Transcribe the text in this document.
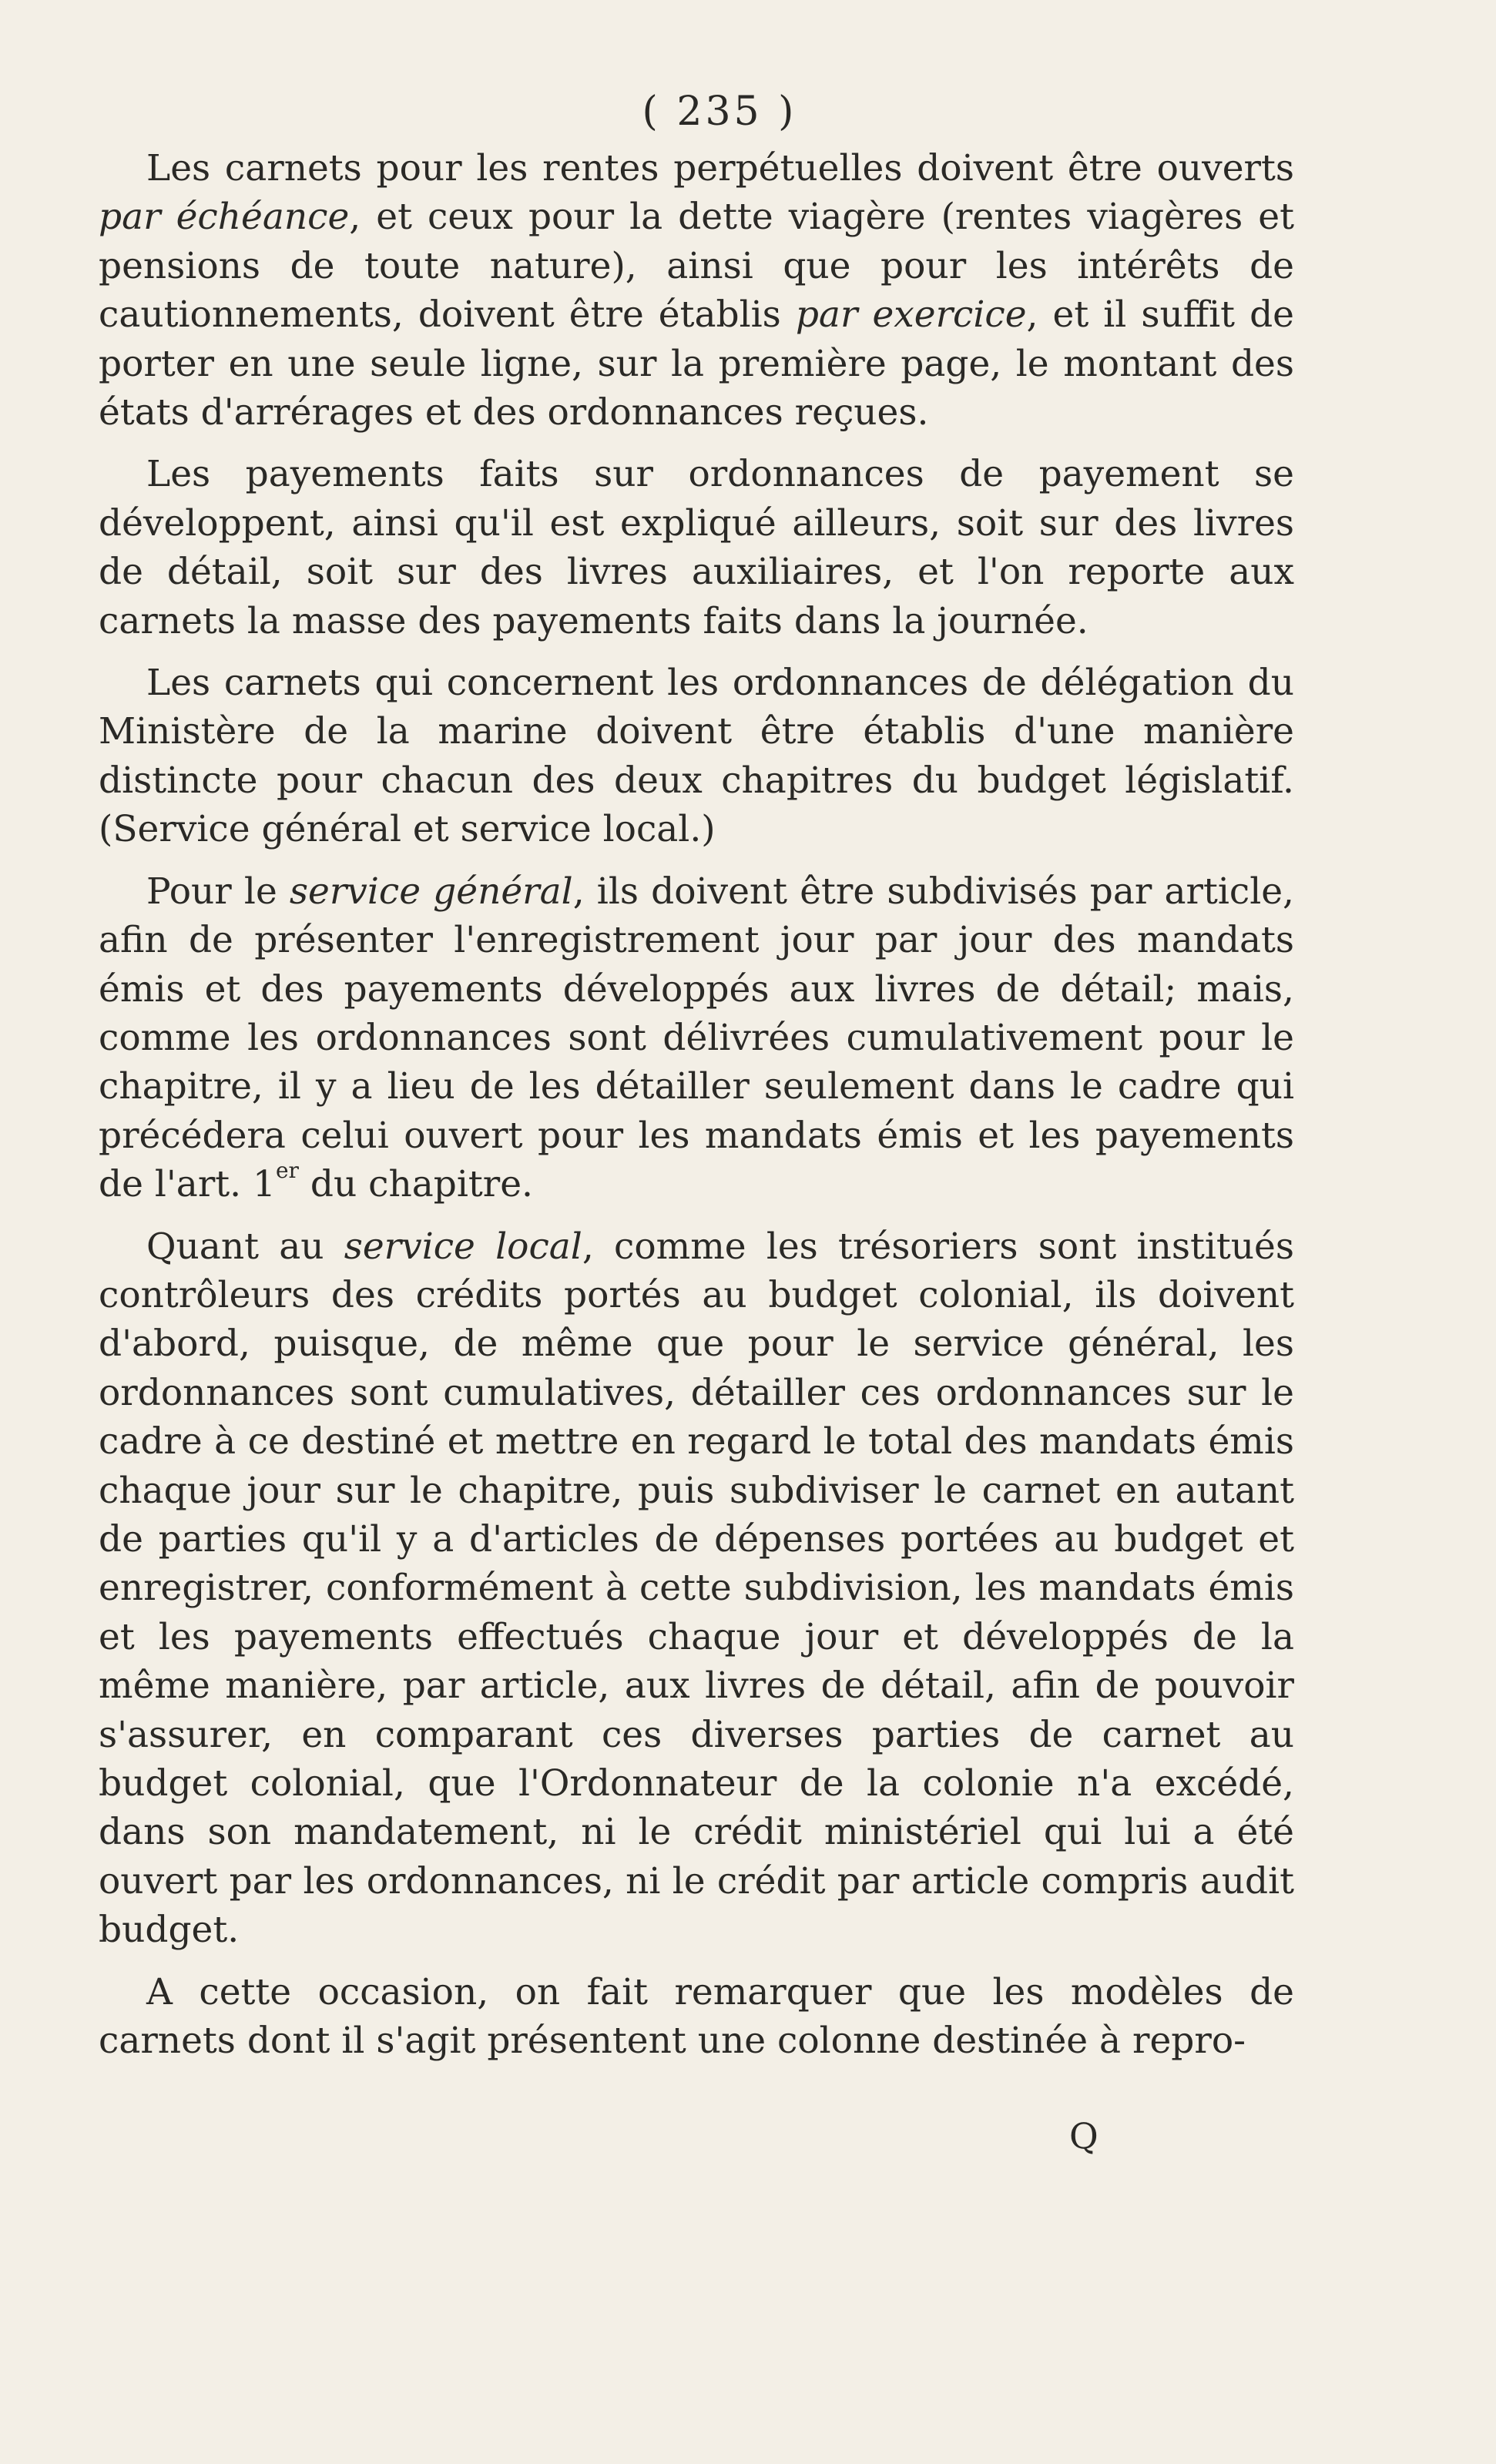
( 235 )

Les carnets pour les rentes perpétuelles doivent être ouverts par échéance, et ceux pour la dette viagère (rentes viagères et pensions de toute nature), ainsi que pour les intérêts de cautionnements, doivent être établis par exercice, et il suffit de porter en une seule ligne, sur la première page, le montant des états d'arrérages et des ordonnances reçues.

Les payements faits sur ordonnances de payement se développent, ainsi qu'il est expliqué ailleurs, soit sur des livres de détail, soit sur des livres auxiliaires, et l'on reporte aux carnets la masse des payements faits dans la journée.

Les carnets qui concernent les ordonnances de délégation du Ministère de la marine doivent être établis d'une manière distincte pour chacun des deux chapitres du budget législatif. (Service général et service local.)

Pour le service général, ils doivent être subdivisés par article, afin de présenter l'enregistrement jour par jour des mandats émis et des payements développés aux livres de détail; mais, comme les ordonnances sont délivrées cumulativement pour le chapitre, il y a lieu de les détailler seulement dans le cadre qui précédera celui ouvert pour les mandats émis et les payements de l'art. 1er du chapitre.

Quant au service local, comme les trésoriers sont institués contrôleurs des crédits portés au budget colonial, ils doivent d'abord, puisque, de même que pour le service général, les ordonnances sont cumulatives, détailler ces ordonnances sur le cadre à ce destiné et mettre en regard le total des mandats émis chaque jour sur le chapitre, puis subdiviser le carnet en autant de parties qu'il y a d'articles de dépenses portées au budget et enregistrer, conformément à cette subdivision, les mandats émis et les payements effectués chaque jour et développés de la même manière, par article, aux livres de détail, afin de pouvoir s'assurer, en comparant ces diverses parties de carnet au budget colonial, que l'Ordonnateur de la colonie n'a excédé, dans son mandatement, ni le crédit ministériel qui lui a été ouvert par les ordonnances, ni le crédit par article compris audit budget.

A cette occasion, on fait remarquer que les modèles de carnets dont il s'agit présentent une colonne destinée à repro-

Q
